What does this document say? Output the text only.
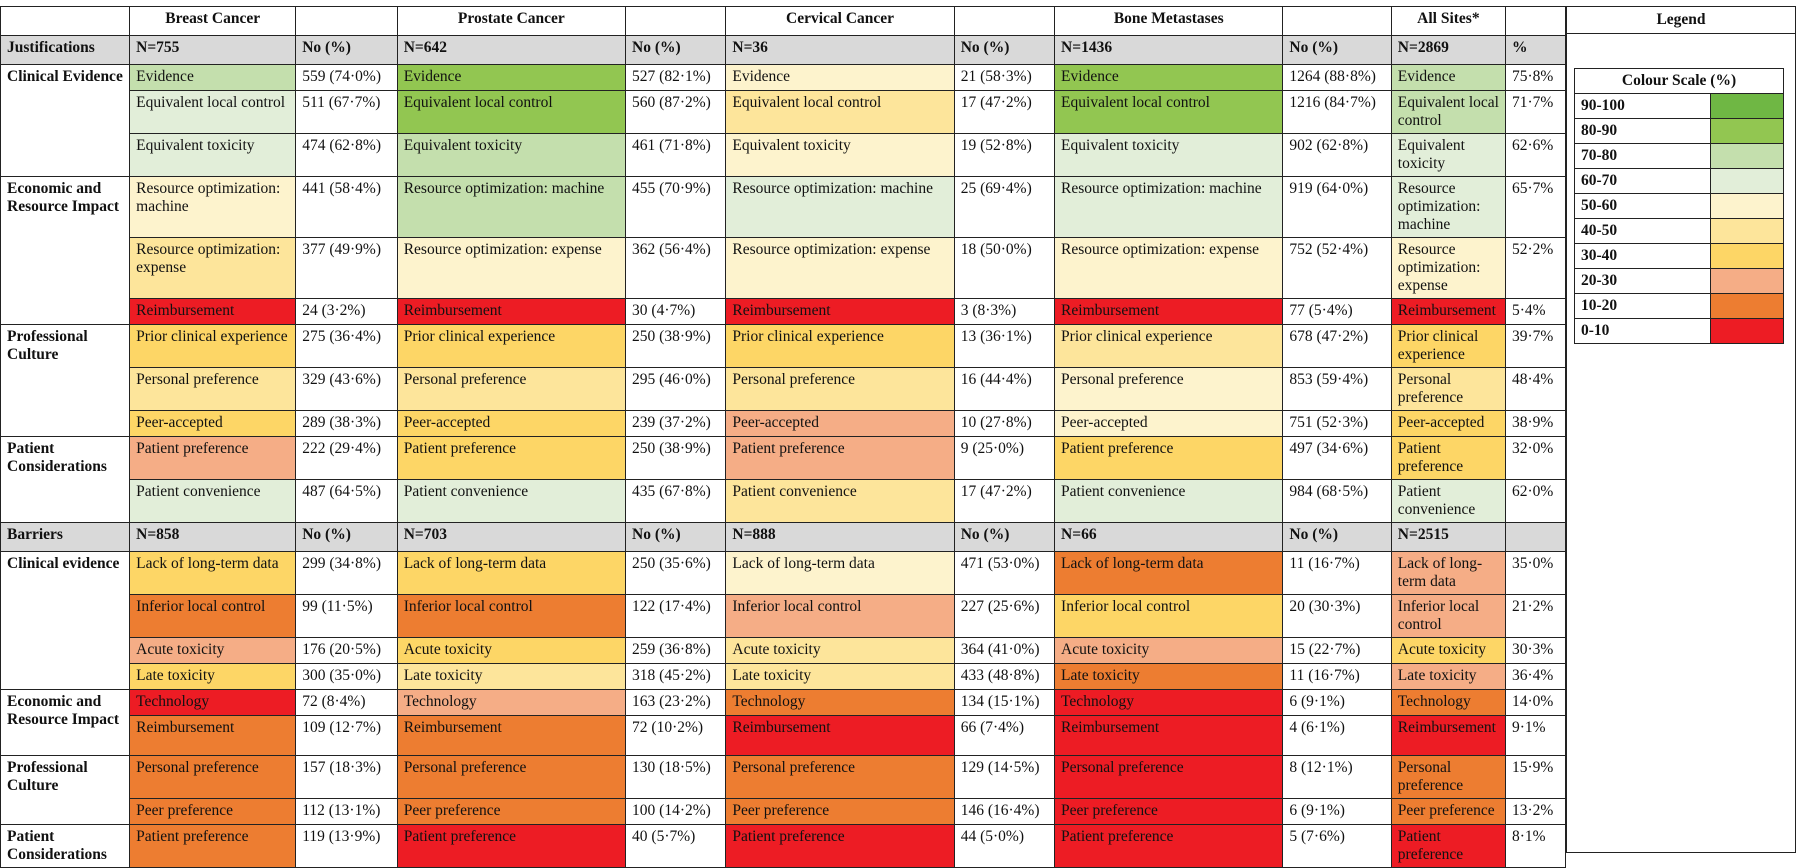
	Breast Cancer		Prostate Cancer		Cervical Cancer		Bone Metastases		All Sites*	
Justifications	N=755	No (%)	N=642	No (%)	N=36	No (%)	N=1436	No (%)	N=2869	%
Clinical Evidence	Evidence	559 (74·0%)	Evidence	527 (82·1%)	Evidence	21 (58·3%)	Evidence	1264 (88·8%)	Evidence	75·8%
	Equivalent local control	511 (67·7%)	Equivalent local control	560 (87·2%)	Equivalent local control	17 (47·2%)	Equivalent local control	1216 (84·7%)	Equivalent local control	71·7%
	Equivalent toxicity	474 (62·8%)	Equivalent toxicity	461 (71·8%)	Equivalent toxicity	19 (52·8%)	Equivalent toxicity	902 (62·8%)	Equivalent toxicity	62·6%
Economic and Resource Impact	Resource optimization: machine	441 (58·4%)	Resource optimization: machine	455 (70·9%)	Resource optimization: machine	25 (69·4%)	Resource optimization: machine	919 (64·0%)	Resource optimization: machine	65·7%
	Resource optimization: expense	377 (49·9%)	Resource optimization: expense	362 (56·4%)	Resource optimization: expense	18 (50·0%)	Resource optimization: expense	752 (52·4%)	Resource optimization: expense	52·2%
	Reimbursement	24 (3·2%)	Reimbursement	30 (4·7%)	Reimbursement	3 (8·3%)	Reimbursement	77 (5·4%)	Reimbursement	5·4%
Professional Culture	Prior clinical experience	275 (36·4%)	Prior clinical experience	250 (38·9%)	Prior clinical experience	13 (36·1%)	Prior clinical experience	678 (47·2%)	Prior clinical experience	39·7%
	Personal preference	329 (43·6%)	Personal preference	295 (46·0%)	Personal preference	16 (44·4%)	Personal preference	853 (59·4%)	Personal preference	48·4%
	Peer-accepted	289 (38·3%)	Peer-accepted	239 (37·2%)	Peer-accepted	10 (27·8%)	Peer-accepted	751 (52·3%)	Peer-accepted	38·9%
Patient Considerations	Patient preference	222 (29·4%)	Patient preference	250 (38·9%)	Patient preference	9 (25·0%)	Patient preference	497 (34·6%)	Patient preference	32·0%
	Patient convenience	487 (64·5%)	Patient convenience	435 (67·8%)	Patient convenience	17 (47·2%)	Patient convenience	984 (68·5%)	Patient convenience	62·0%
Barriers	N=858	No (%)	N=703	No (%)	N=888	No (%)	N=66	No (%)	N=2515	
Clinical evidence	Lack of long-term data	299 (34·8%)	Lack of long-term data	250 (35·6%)	Lack of long-term data	471 (53·0%)	Lack of long-term data	11 (16·7%)	Lack of long-term data	35·0%
	Inferior local control	99 (11·5%)	Inferior local control	122 (17·4%)	Inferior local control	227 (25·6%)	Inferior local control	20 (30·3%)	Inferior local control	21·2%
	Acute toxicity	176 (20·5%)	Acute toxicity	259 (36·8%)	Acute toxicity	364 (41·0%)	Acute toxicity	15 (22·7%)	Acute toxicity	30·3%
	Late toxicity	300 (35·0%)	Late toxicity	318 (45·2%)	Late toxicity	433 (48·8%)	Late toxicity	11 (16·7%)	Late toxicity	36·4%
Economic and Resource Impact	Technology	72 (8·4%)	Technology	163 (23·2%)	Technology	134 (15·1%)	Technology	6 (9·1%)	Technology	14·0%
	Reimbursement	109 (12·7%)	Reimbursement	72 (10·2%)	Reimbursement	66 (7·4%)	Reimbursement	4 (6·1%)	Reimbursement	9·1%
Professional Culture	Personal preference	157 (18·3%)	Personal preference	130 (18·5%)	Personal preference	129 (14·5%)	Personal preference	8 (12·1%)	Personal preference	15·9%
	Peer preference	112 (13·1%)	Peer preference	100 (14·2%)	Peer preference	146 (16·4%)	Peer preference	6 (9·1%)	Peer preference	13·2%
Patient Considerations	Patient preference	119 (13·9%)	Patient preference	40 (5·7%)	Patient preference	44 (5·0%)	Patient preference	5 (7·6%)	Patient preference	8·1%
Legend
Colour Scale (%)	
90-100	
80-90	
70-80	
60-70	
50-60	
40-50	
30-40	
20-30	
10-20	
0-10	
